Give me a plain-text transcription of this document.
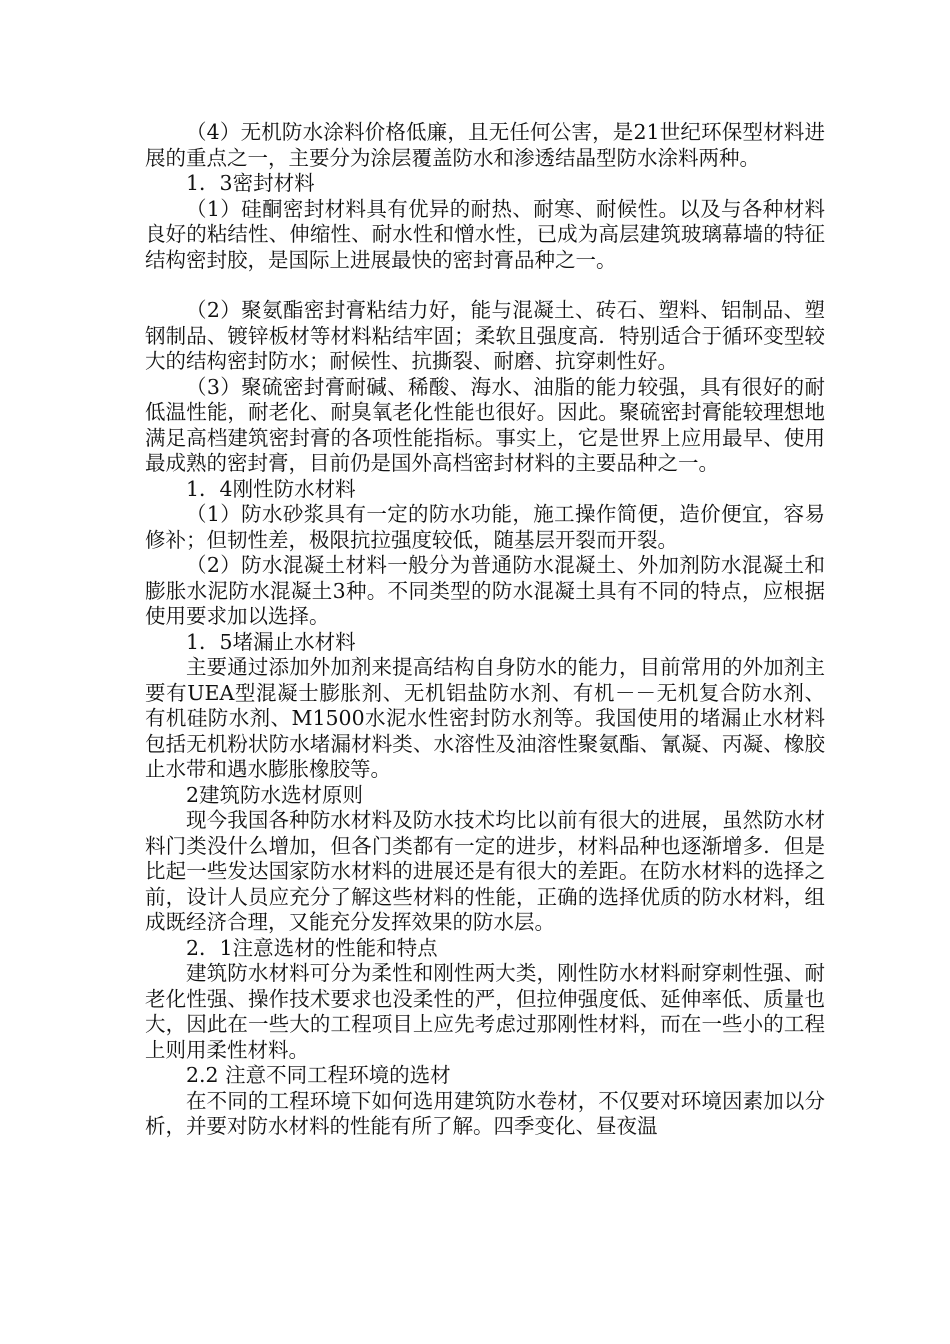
（4）无机防水涂料价格低廉，且无任何公害，是21世纪环保型材料进展的重点之一，主要分为涂层覆盖防水和渗透结晶型防水涂料两种。

1．3密封材料

（1）硅酮密封材料具有优异的耐热、耐寒、耐候性。以及与各种材料良好的粘结性、伸缩性、耐水性和憎水性，已成为高层建筑玻璃幕墙的特征结构密封胶，是国际上进展最快的密封膏品种之一。

（2）聚氨酯密封膏粘结力好，能与混凝土、砖石、塑料、铝制品、塑钢制品、镀锌板材等材料粘结牢固；柔软且强度高．特别适合于循环变型较大的结构密封防水；耐候性、抗撕裂、耐磨、抗穿刺性好。

（3）聚硫密封膏耐碱、稀酸、海水、油脂的能力较强，具有很好的耐低温性能，耐老化、耐臭氧老化性能也很好。因此。聚硫密封膏能较理想地满足高档建筑密封膏的各项性能指标。事实上，它是世界上应用最早、使用最成熟的密封膏，目前仍是国外高档密封材料的主要品种之一。

1．4刚性防水材料

（1）防水砂浆具有一定的防水功能，施工操作简便，造价便宜，容易修补；但韧性差，极限抗拉强度较低，随基层开裂而开裂。

（2）防水混凝土材料一般分为普通防水混凝土、外加剂防水混凝土和膨胀水泥防水混凝土3种。不同类型的防水混凝土具有不同的特点，应根据使用要求加以选择。

1．5堵漏止水材料

主要通过添加外加剂来提高结构自身防水的能力，目前常用的外加剂主要有UEA型混凝士膨胀剂、无机铝盐防水剂、有机－－无机复合防水剂、有机硅防水剂、M1500水泥水性密封防水剂等。我国使用的堵漏止水材料包括无机粉状防水堵漏材料类、水溶性及油溶性聚氨酯、氰凝、丙凝、橡胶止水带和遇水膨胀橡胶等。

2建筑防水选材原则

现今我国各种防水材料及防水技术均比以前有很大的进展，虽然防水材料门类没什么增加，但各门类都有一定的进步，材料品种也逐渐增多．但是比起一些发达国家防水材料的进展还是有很大的差距。在防水材料的选择之前，设计人员应充分了解这些材料的性能，正确的选择优质的防水材料，组成既经济合理，又能充分发挥效果的防水层。

2．1注意选材的性能和特点

建筑防水材料可分为柔性和刚性两大类，刚性防水材料耐穿刺性强、耐老化性强、操作技术要求也没柔性的严，但拉伸强度低、延伸率低、质量也大，因此在一些大的工程项目上应先考虑过那刚性材料，而在一些小的工程上则用柔性材料。

2.2 注意不同工程环境的选材

在不同的工程环境下如何选用建筑防水卷材，不仅要对环境因素加以分析，并要对防水材料的性能有所了解。四季变化、昼夜温
